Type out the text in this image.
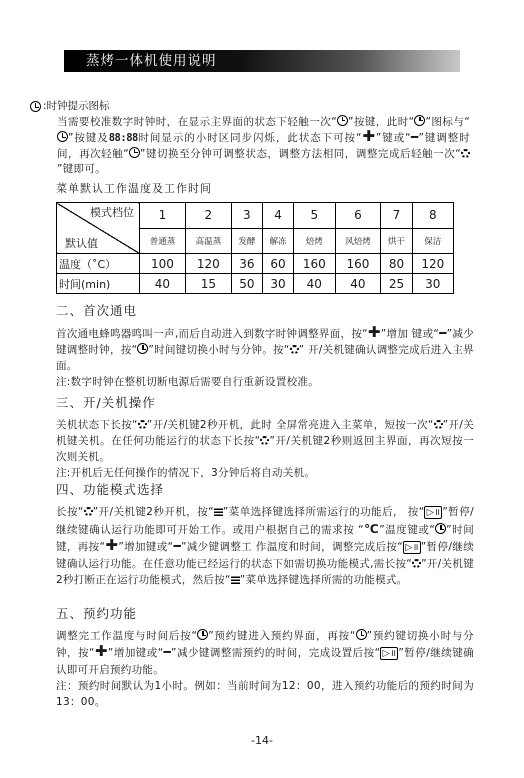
蒸烤一体机使用说明
:时钟提示图标
当需要校准数字时钟时，在显示主界面的状态下轻触一次“ ”按键，此时“ ”图标与“”按键及88:88时间显示的小时区同步闪烁，此状态下可按“✚”键或“━”键调整时间，再次轻触“ ”键切换至分钟可调整状态，调整方法相同，调整完成后轻触一次“”键即可。
菜单默认工作温度及工作时间
模式档位
默认值	1	2	3	4	5	6	7	8
	普通蒸	高温蒸	发酵	解冻	焙烤	风焙烤	烘干	保洁
温度（˚C）	100	120	36	60	160	160	80	120
时间(min)	40	15	50	30	40	40	25	30
二、首次通电

首次通电蜂鸣器鸣叫一声,而后自动进入到数字时钟调整界面，按“✚”增加 键或“━”减少键调整时钟，按“ ”时间键切换小时与分钟。按“ ” 开/关机键确认调整完成后进入主界面。

注:数字时钟在整机切断电源后需要自行重新设置校准。

三、开/关机操作

关机状态下长按“ ”开/关机键2秒开机，此时 全屏常亮进入主菜单，短按一次“ ”开/关机键关机。在任何功能运行的状态下长按“ ”开/关机键2秒则返回主界面，再次短按一次则关机。

注:开机后无任何操作的情况下，3分钟后将自动关机。

四、功能模式选择

长按“ ”开/关机键2秒开机，按“ ”菜单选择键选择所需运行的功能后， 按“ ▷॥ ”暂停/继续键确认运行功能即可开始工作。或用户根据自己的需求按 “℃”温度键或“ ”时间键，再按“✚”增加键或“━”减少键调整工 作温度和时间，调整完成后按“ ▷॥ ”暂停/继续键确认运行功能。在任意功能已经运行的状态下如需切换功能模式,需长按“ ”开/关机键2秒打断正在运行功能模式，然后按“ ”菜单选择键选择所需的功能模式。

五、预约功能

调整完工作温度与时间后按“ ”预约键进入预约界面，再按“ ”预约键切换小时与分钟，按“✚”增加键或“━”减少键调整需预约的时间，完成设置后按“ ▷॥ ”暂停/继续键确认即可开启预约功能。

注：预约时间默认为1小时。例如：当前时间为12：00，进入预约功能后的预约时间为13：00。

-14-
